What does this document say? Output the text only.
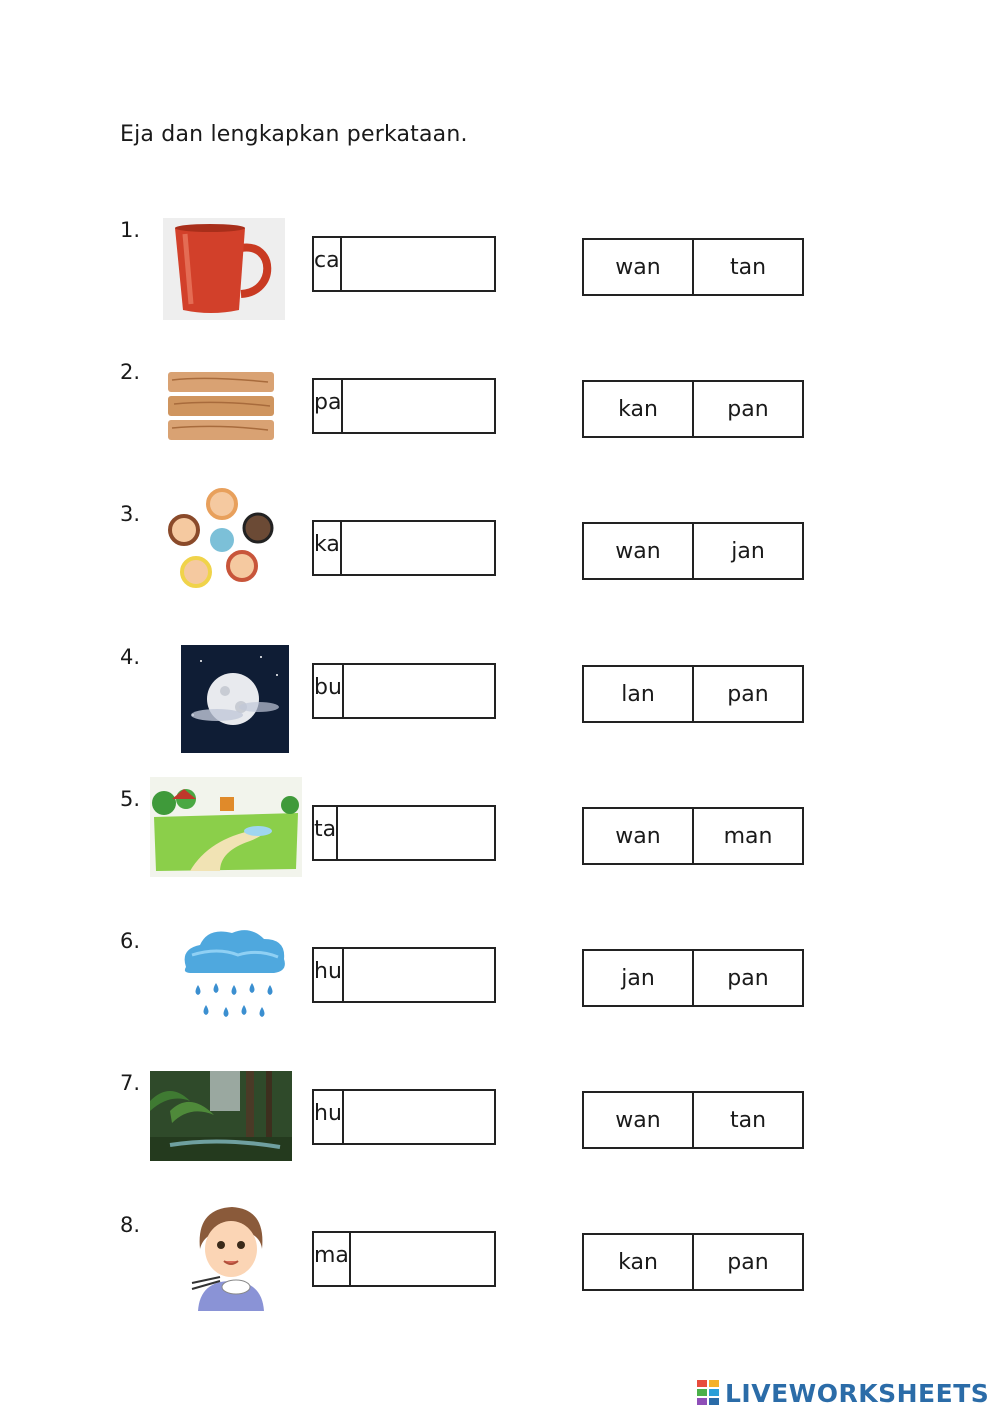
Eja dan lengkapkan perkataan.
1.
ca	wan	tan
2.
pa	kan	pan
3.
ka	wan	jan
4.
bu	lan	pan
5.
ta	wan	man
6.
hu	jan	pan
7.
hu	wan	tan
8.
ma	kan	pan
LIVEWORKSHEETS
